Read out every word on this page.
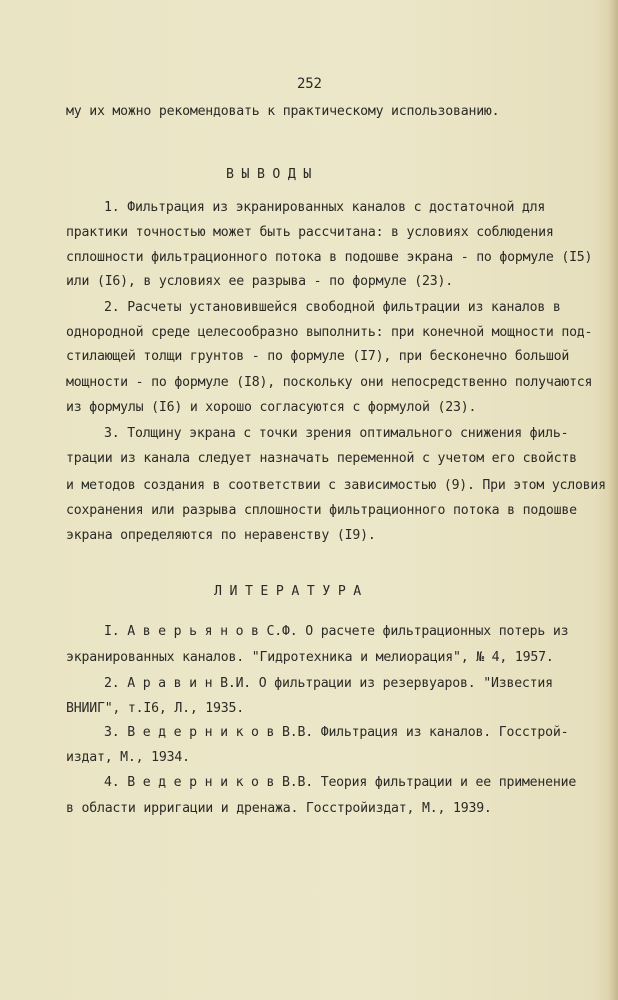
252
му их можно рекомендовать к практическому использованию.
В Ы В О Д Ы
1. Фильтрация из экранированных каналов с достаточной для
практики точностью может быть рассчитана: в условиях соблюдения
сплошности фильтрационного потока в подошве экрана - по формуле (I5)
или (I6), в условиях ее разрыва - по формуле (23).
2. Расчеты установившейся свободной фильтрации из каналов в
однородной среде целесообразно выполнить: при конечной мощности под-
стилающей толщи грунтов - по формуле (I7), при бесконечно большой
мощности - по формуле (I8), поскольку они непосредственно получаются
из формулы (I6) и хорошо согласуются с формулой (23).
3. Толщину экрана с точки зрения оптимального снижения филь-
трации из канала следует назначать переменной с учетом его свойств
и методов создания в соответствии с зависимостью (9). При этом условия
сохранения или разрыва сплошности фильтрационного потока в подошве
экрана определяются по неравенству (I9).
Л И Т Е Р А Т У Р А
I. А в е р ь я н о в С.Ф. О расчете фильтрационных потерь из
экранированных каналов. "Гидротехника и мелиорация", № 4, 1957.
2. А р а в и н В.И. О фильтрации из резервуаров. "Известия
ВНИИГ", т.I6, Л., 1935.
3. В е д е р н и к о в В.В. Фильтрация из каналов. Госстрой-
издат, М., 1934.
4. В е д е р н и к о в В.В. Теория фильтрации и ее применение
в области ирригации и дренажа. Госстройиздат, М., 1939.
